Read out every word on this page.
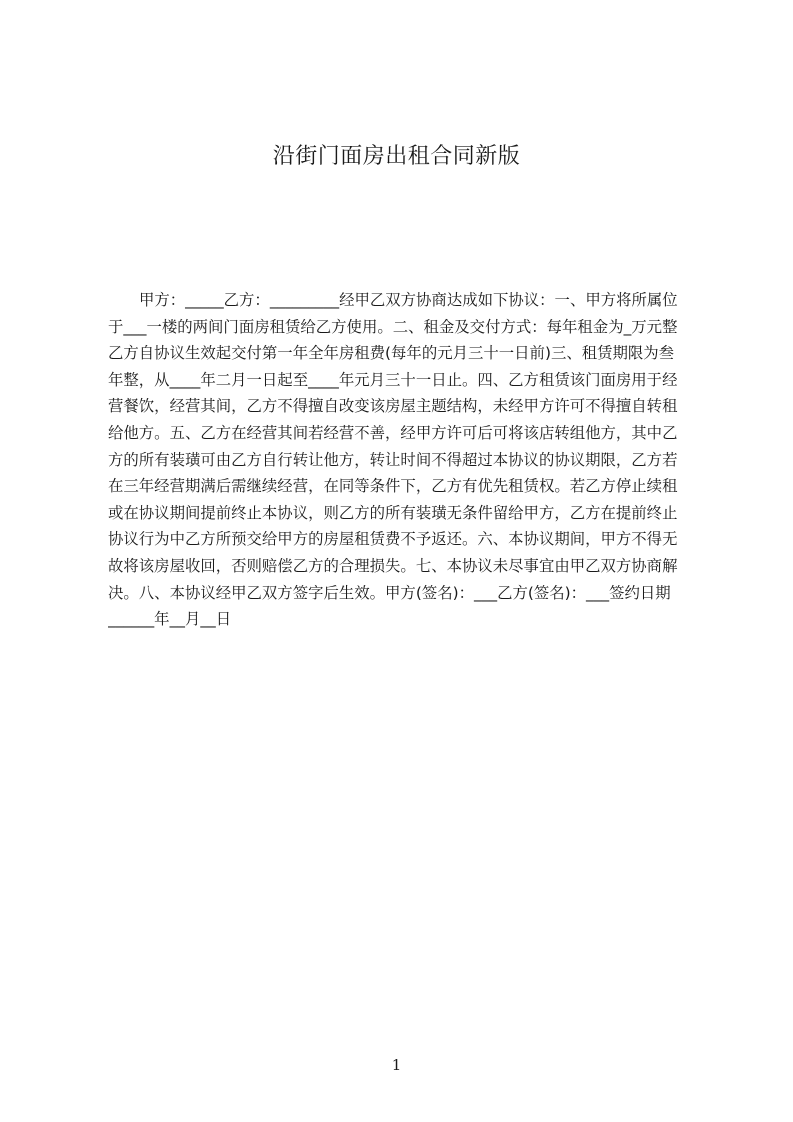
沿街门面房出租合同新版
甲方：_____乙方：_________经甲乙双方协商达成如下协议：一、甲方将所属位
于___一楼的两间门面房租赁给乙方使用。二、租金及交付方式：每年租金为_万元整
乙方自协议生效起交付第一年全年房租费(每年的元月三十一日前)三、租赁期限为叁
年整，从____年二月一日起至____年元月三十一日止。四、乙方租赁该门面房用于经
营餐饮，经营其间，乙方不得擅自改变该房屋主题结构，未经甲方许可不得擅自转租
给他方。五、乙方在经营其间若经营不善，经甲方许可后可将该店转组他方，其中乙
方的所有装璜可由乙方自行转让他方，转让时间不得超过本协议的协议期限，乙方若
在三年经营期满后需继续经营，在同等条件下，乙方有优先租赁权。若乙方停止续租
或在协议期间提前终止本协议，则乙方的所有装璜无条件留给甲方，乙方在提前终止
协议行为中乙方所预交给甲方的房屋租赁费不予返还。六、本协议期间，甲方不得无
故将该房屋收回，否则赔偿乙方的合理损失。七、本协议未尽事宜由甲乙双方协商解
决。八、本协议经甲乙双方签字后生效。甲方(签名)：___乙方(签名)：___签约日期
______年__月__日
1
